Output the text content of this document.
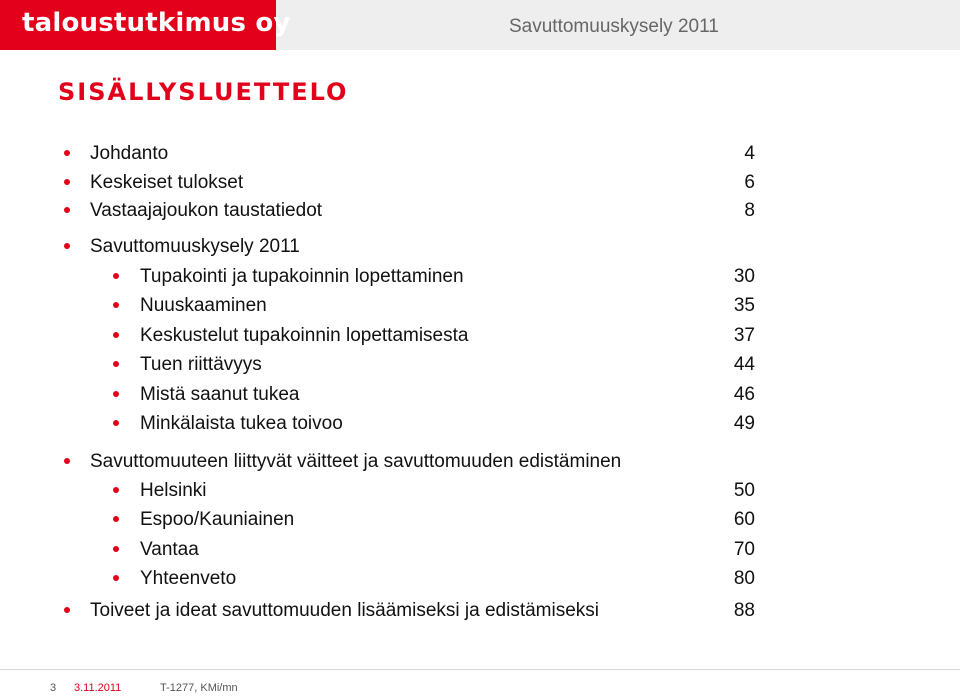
taloustutkimus oy	Savuttomuuskysely 2011
SISÄLLYSLUETTELO
Johdanto	4
Keskeiset tulokset	6
Vastaajajoukon taustatiedot	8
Savuttomuuskysely 2011
Tupakointi ja tupakoinnin lopettaminen	30
Nuuskaaminen	35
Keskustelut tupakoinnin lopettamisesta	37
Tuen riittävyys	44
Mistä saanut tukea	46
Minkälaista tukea toivoo	49
Savuttomuuteen liittyvät väitteet ja savuttomuuden edistäminen
Helsinki	50
Espoo/Kauniainen	60
Vantaa	70
Yhteenveto	80
Toiveet ja ideat savuttomuuden lisäämiseksi ja edistämiseksi	88
3 3.11.2011	T-1277, KMi/mn
